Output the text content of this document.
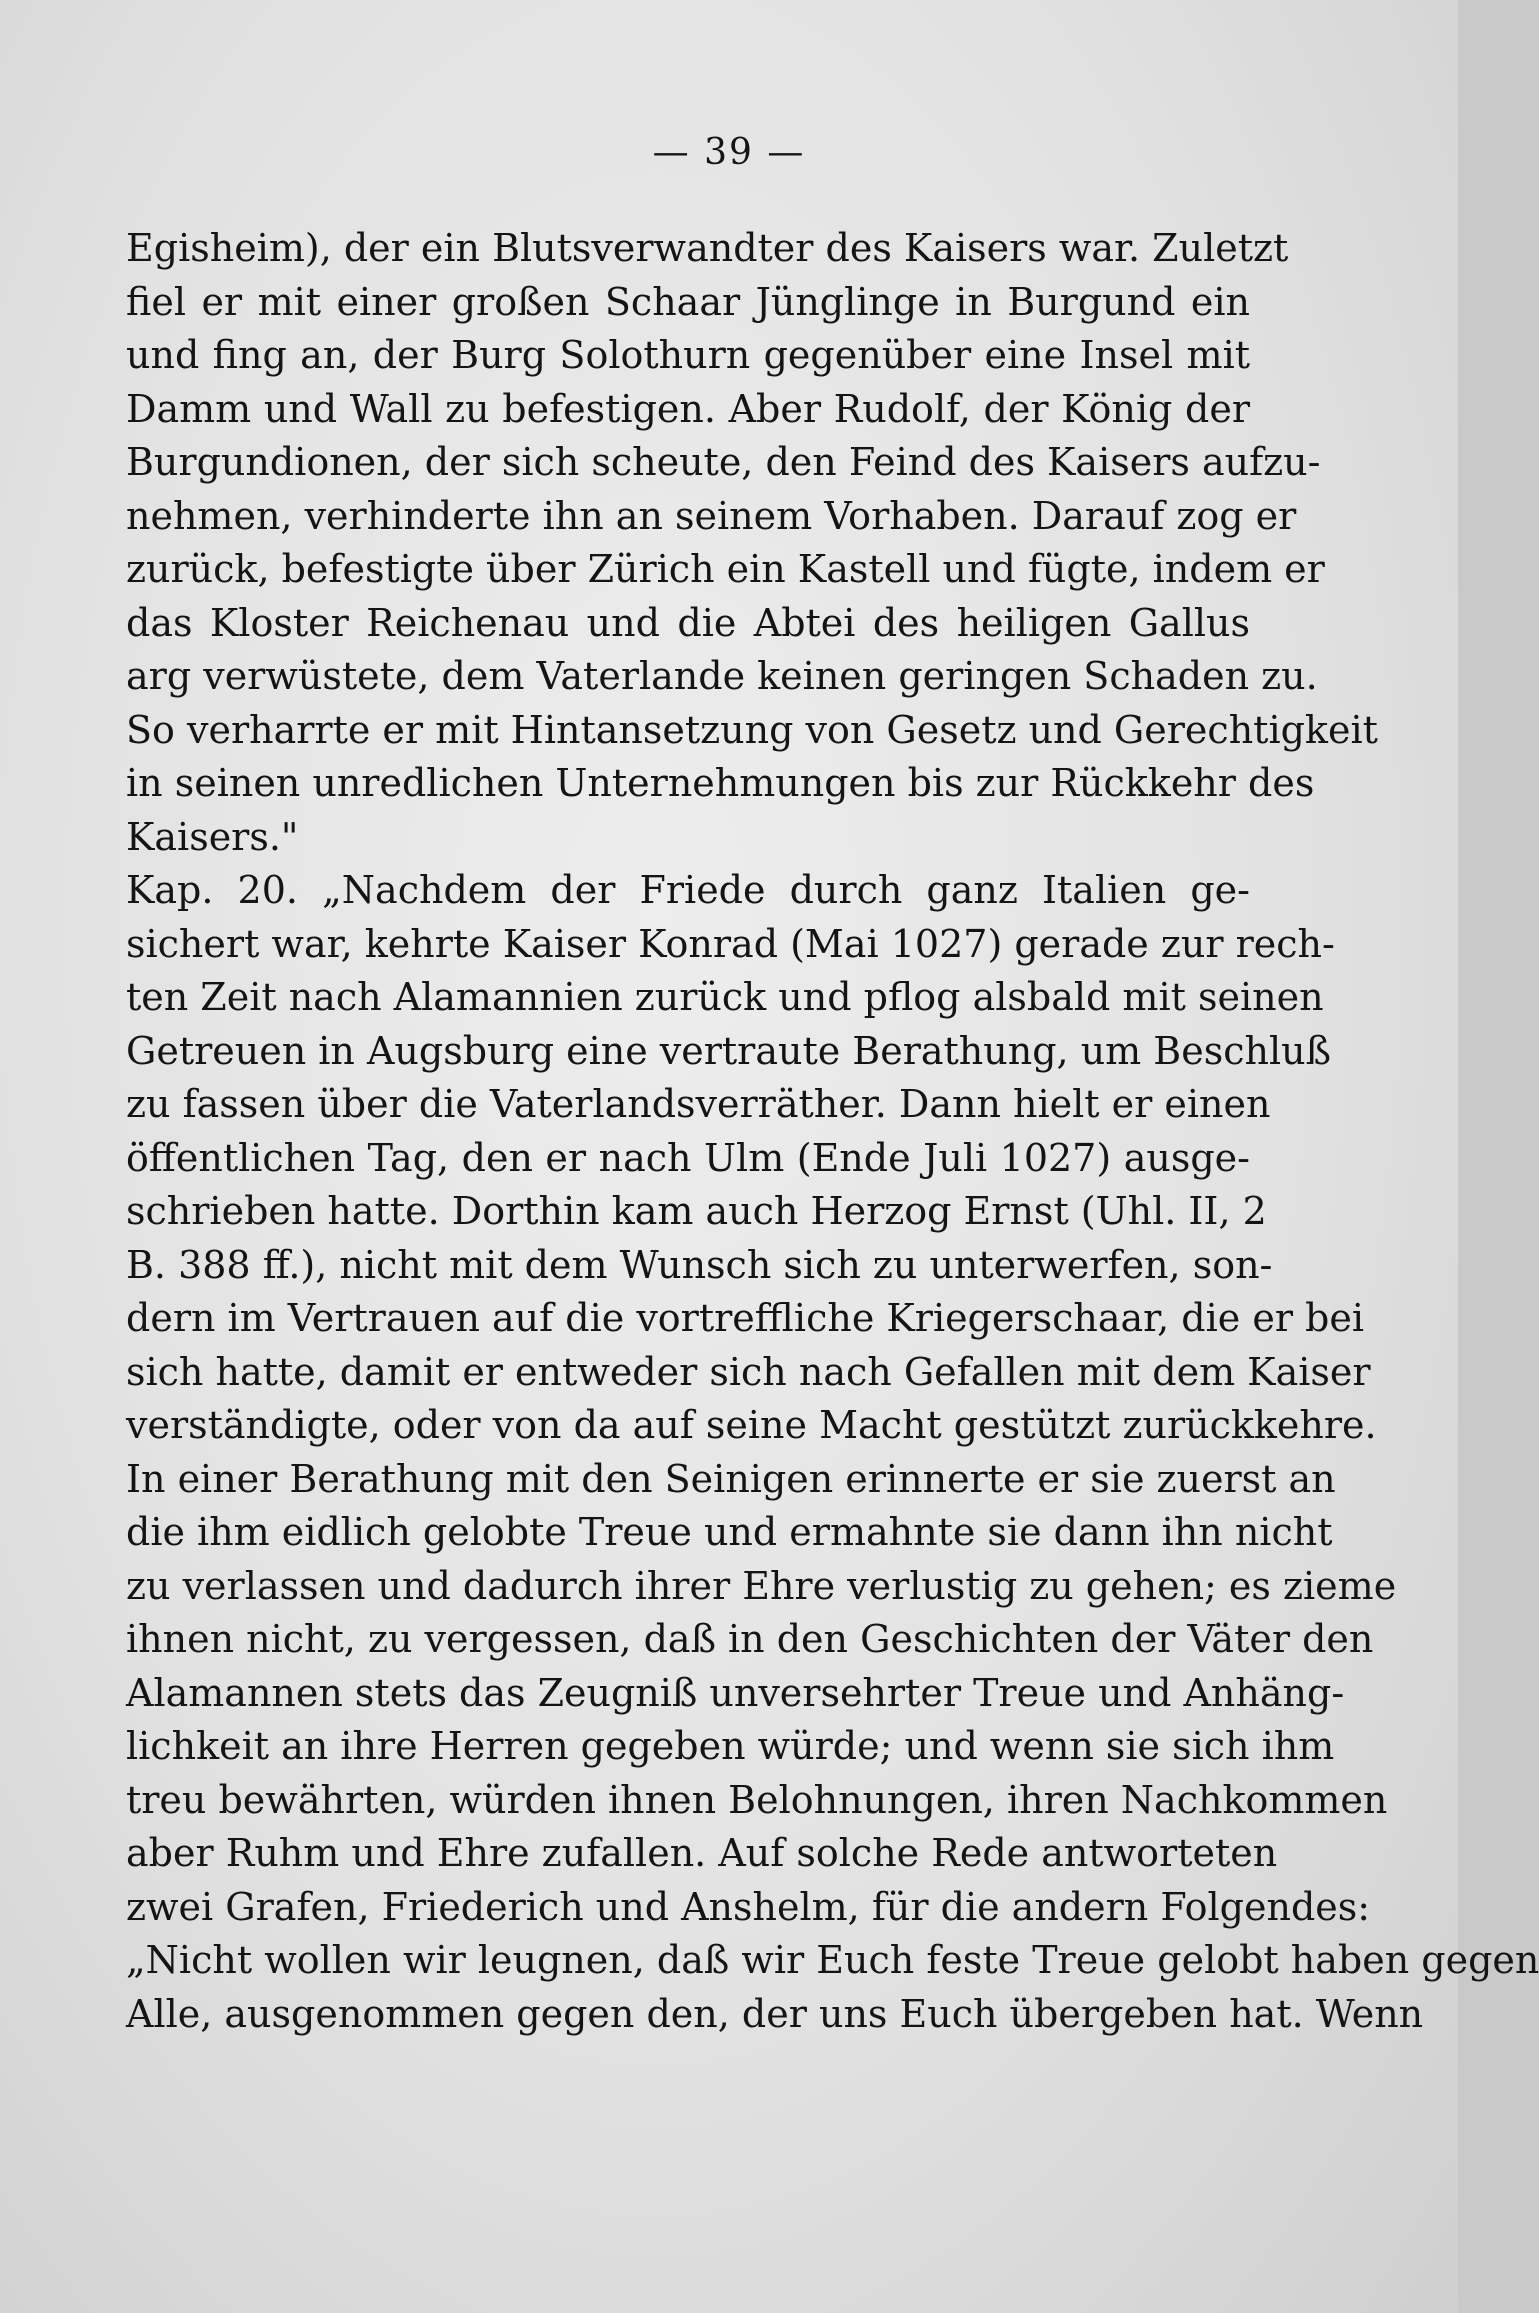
— 39 —
Egisheim), der ein Blutsverwandter des Kaisers war. Zuletzt
fiel er mit einer großen Schaar Jünglinge in Burgund ein
und fing an, der Burg Solothurn gegenüber eine Insel mit
Damm und Wall zu befestigen. Aber Rudolf, der König der
Burgundionen, der sich scheute, den Feind des Kaisers aufzu-
nehmen, verhinderte ihn an seinem Vorhaben. Darauf zog er
zurück, befestigte über Zürich ein Kastell und fügte, indem er
das Kloster Reichenau und die Abtei des heiligen Gallus
arg verwüstete, dem Vaterlande keinen geringen Schaden zu.
So verharrte er mit Hintansetzung von Gesetz und Gerechtigkeit
in seinen unredlichen Unternehmungen bis zur Rückkehr des
Kaisers."
Kap. 20. „Nachdem der Friede durch ganz Italien ge-
sichert war, kehrte Kaiser Konrad (Mai 1027) gerade zur rech-
ten Zeit nach Alamannien zurück und pflog alsbald mit seinen
Getreuen in Augsburg eine vertraute Berathung, um Beschluß
zu fassen über die Vaterlandsverräther. Dann hielt er einen
öffentlichen Tag, den er nach Ulm (Ende Juli 1027) ausge-
schrieben hatte. Dorthin kam auch Herzog Ernst (Uhl. II, 2
B. 388 ff.), nicht mit dem Wunsch sich zu unterwerfen, son-
dern im Vertrauen auf die vortreffliche Kriegerschaar, die er bei
sich hatte, damit er entweder sich nach Gefallen mit dem Kaiser
verständigte, oder von da auf seine Macht gestützt zurückkehre.
In einer Berathung mit den Seinigen erinnerte er sie zuerst an
die ihm eidlich gelobte Treue und ermahnte sie dann ihn nicht
zu verlassen und dadurch ihrer Ehre verlustig zu gehen; es zieme
ihnen nicht, zu vergessen, daß in den Geschichten der Väter den
Alamannen stets das Zeugniß unversehrter Treue und Anhäng-
lichkeit an ihre Herren gegeben würde; und wenn sie sich ihm
treu bewährten, würden ihnen Belohnungen, ihren Nachkommen
aber Ruhm und Ehre zufallen. Auf solche Rede antworteten
zwei Grafen, Friederich und Anshelm, für die andern Folgendes:
„Nicht wollen wir leugnen, daß wir Euch feste Treue gelobt haben gegen
Alle, ausgenommen gegen den, der uns Euch übergeben hat. Wenn
